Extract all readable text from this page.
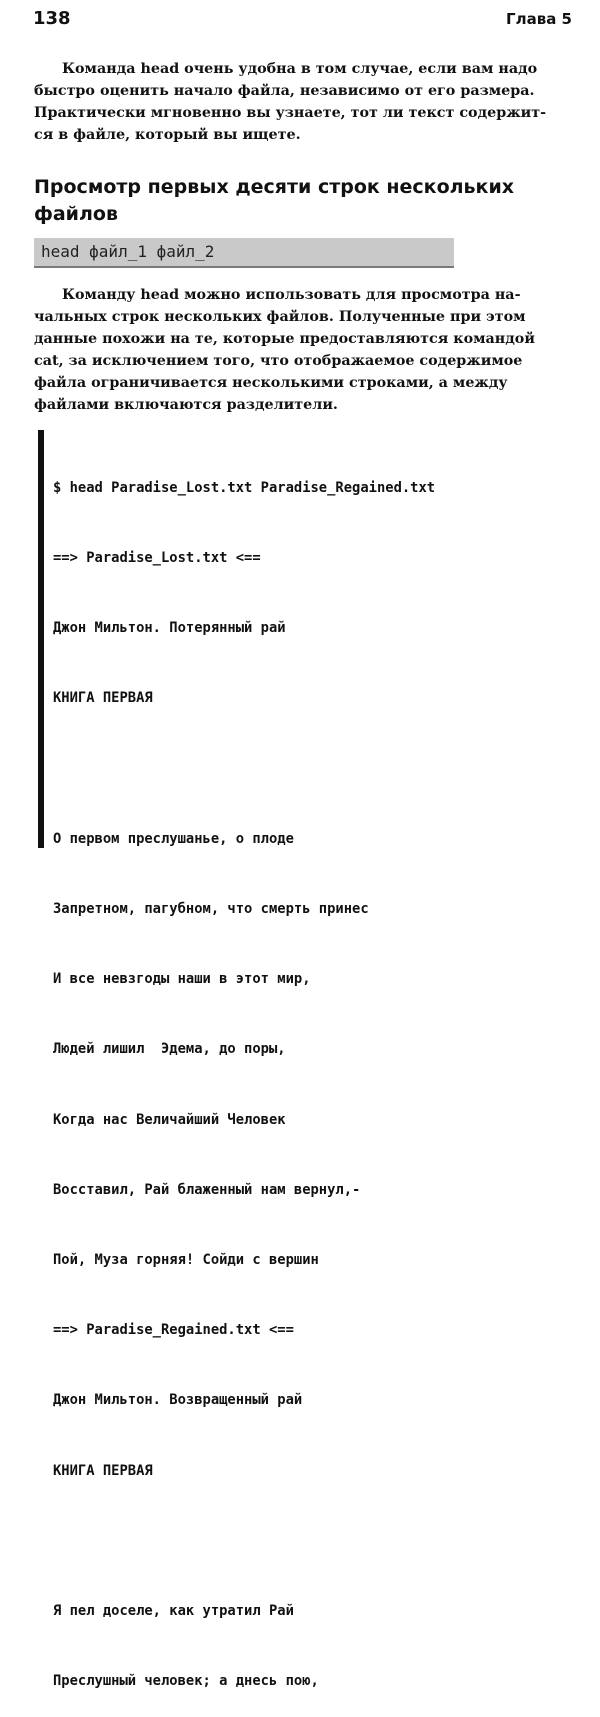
138	Глава 5
Команда head очень удобна в том случае, если вам надо
быстро оценить начало файла, независимо от его размера.
Практически мгновенно вы узнаете, тот ли текст содержит-
ся в файле, который вы ищете.
Просмотр первых десяти строк нескольких файлов
head файл_1 файл_2
Команду head можно использовать для просмотра на-
чальных строк нескольких файлов. Полученные при этом
данные похожи на те, которые предоставляются командой
cat, за исключением того, что отображаемое содержимое
файла ограничивается несколькими строками, а между
файлами включаются разделители.

$ head Paradise_Lost.txt Paradise_Regained.txt

==> Paradise_Lost.txt <==

Джон Мильтон. Потерянный рай

КНИГА ПЕРВАЯ

О первом преслушанье, о плоде

Запретном, пагубном, что смерть принес

И все невзгоды наши в этот мир,

Людей лишил  Эдема, до поры,

Когда нас Величайший Человек

Восставил, Рай блаженный нам вернул,-

Пой, Муза горняя! Сойди с вершин

==> Paradise_Regained.txt <==

Джон Мильтон. Возвращенный рай

КНИГА ПЕРВАЯ

Я пел доселе, как утратил Рай

Преслушный человек; а днесь пою,
